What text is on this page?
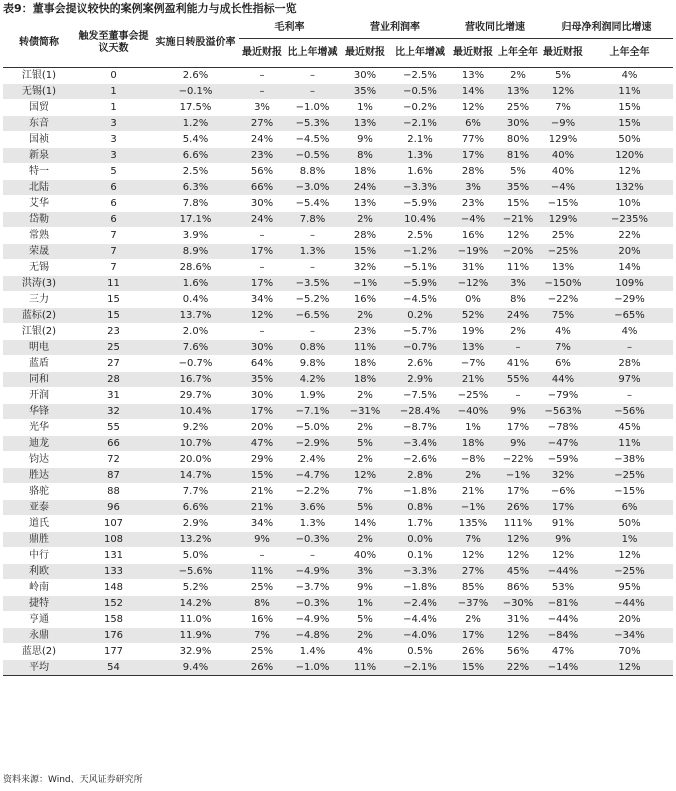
表9：董事会提议较快的案例案例盈利能力与成长性指标一览
转债简称	触发至董事会提议天数	实施日转股溢价率	毛利率		营业利润率		营收同比增速		归母净利润同比增速	
			最近财报	比上年增减	最近财报	比上年增减	最近财报	上年全年	最近财报	上年全年
江银(1)	0	2.6%	–	–	30%	−2.5%	13%	2%	5%	4%
无锡(1)	1	−0.1%	–	–	35%	−0.5%	14%	13%	12%	11%
国贸	1	17.5%	3%	−1.0%	1%	−0.2%	12%	25%	7%	15%
东音	3	1.2%	27%	−5.3%	13%	−2.1%	6%	30%	−9%	15%
国祯	3	5.4%	24%	−4.5%	9%	2.1%	77%	80%	129%	50%
新泉	3	6.6%	23%	−0.5%	8%	1.3%	17%	81%	40%	120%
特一	5	2.5%	56%	8.8%	18%	1.6%	28%	5%	40%	12%
北陆	6	6.3%	66%	−3.0%	24%	−3.3%	3%	35%	−4%	132%
艾华	6	7.8%	30%	−5.4%	13%	−5.9%	23%	15%	−15%	10%
岱勒	6	17.1%	24%	7.8%	2%	10.4%	−4%	−21%	129%	−235%
常熟	7	3.9%	–	–	28%	2.5%	16%	12%	25%	22%
荣晟	7	8.9%	17%	1.3%	15%	−1.2%	−19%	−20%	−25%	20%
无锡	7	28.6%	–	–	32%	−5.1%	31%	11%	13%	14%
洪涛(3)	11	1.6%	17%	−3.5%	−1%	−5.9%	−12%	3%	−150%	109%
三力	15	0.4%	34%	−5.2%	16%	−4.5%	0%	8%	−22%	−29%
蓝标(2)	15	13.7%	12%	−6.5%	2%	0.2%	52%	24%	75%	−65%
江银(2)	23	2.0%	–	–	23%	−5.7%	19%	2%	4%	4%
明电	25	7.6%	30%	0.8%	11%	−0.7%	13%	–	7%	–
蓝盾	27	−0.7%	64%	9.8%	18%	2.6%	−7%	41%	6%	28%
同和	28	16.7%	35%	4.2%	18%	2.9%	21%	55%	44%	97%
开润	31	29.7%	30%	1.9%	2%	−7.5%	−25%	–	−79%	–
华锋	32	10.4%	17%	−7.1%	−31%	−28.4%	−40%	9%	−563%	−56%
光华	55	9.2%	20%	−5.0%	2%	−8.7%	1%	17%	−78%	45%
迪龙	66	10.7%	47%	−2.9%	5%	−3.4%	18%	9%	−47%	11%
钧达	72	20.0%	29%	2.4%	2%	−2.6%	−8%	−22%	−59%	−38%
胜达	87	14.7%	15%	−4.7%	12%	2.8%	2%	−1%	32%	−25%
骆驼	88	7.7%	21%	−2.2%	7%	−1.8%	21%	17%	−6%	−15%
亚泰	96	6.6%	21%	3.6%	5%	0.8%	−1%	26%	17%	6%
道氏	107	2.9%	34%	1.3%	14%	1.7%	135%	111%	91%	50%
鼎胜	108	13.2%	9%	−0.3%	2%	0.0%	7%	12%	9%	1%
中行	131	5.0%	–	–	40%	0.1%	12%	12%	12%	12%
利欧	133	−5.6%	11%	−4.9%	3%	−3.3%	27%	45%	−44%	−25%
岭南	148	5.2%	25%	−3.7%	9%	−1.8%	85%	86%	53%	95%
捷特	152	14.2%	8%	−0.3%	1%	−2.4%	−37%	−30%	−81%	−44%
亨通	158	11.0%	16%	−4.9%	5%	−4.4%	2%	31%	−44%	20%
永鼎	176	11.9%	7%	−4.8%	2%	−4.0%	17%	12%	−84%	−34%
蓝思(2)	177	32.9%	25%	1.4%	4%	0.5%	26%	56%	47%	70%
平均	54	9.4%	26%	−1.0%	11%	−2.1%	15%	22%	−14%	12%
资料来源：Wind、天风证券研究所
